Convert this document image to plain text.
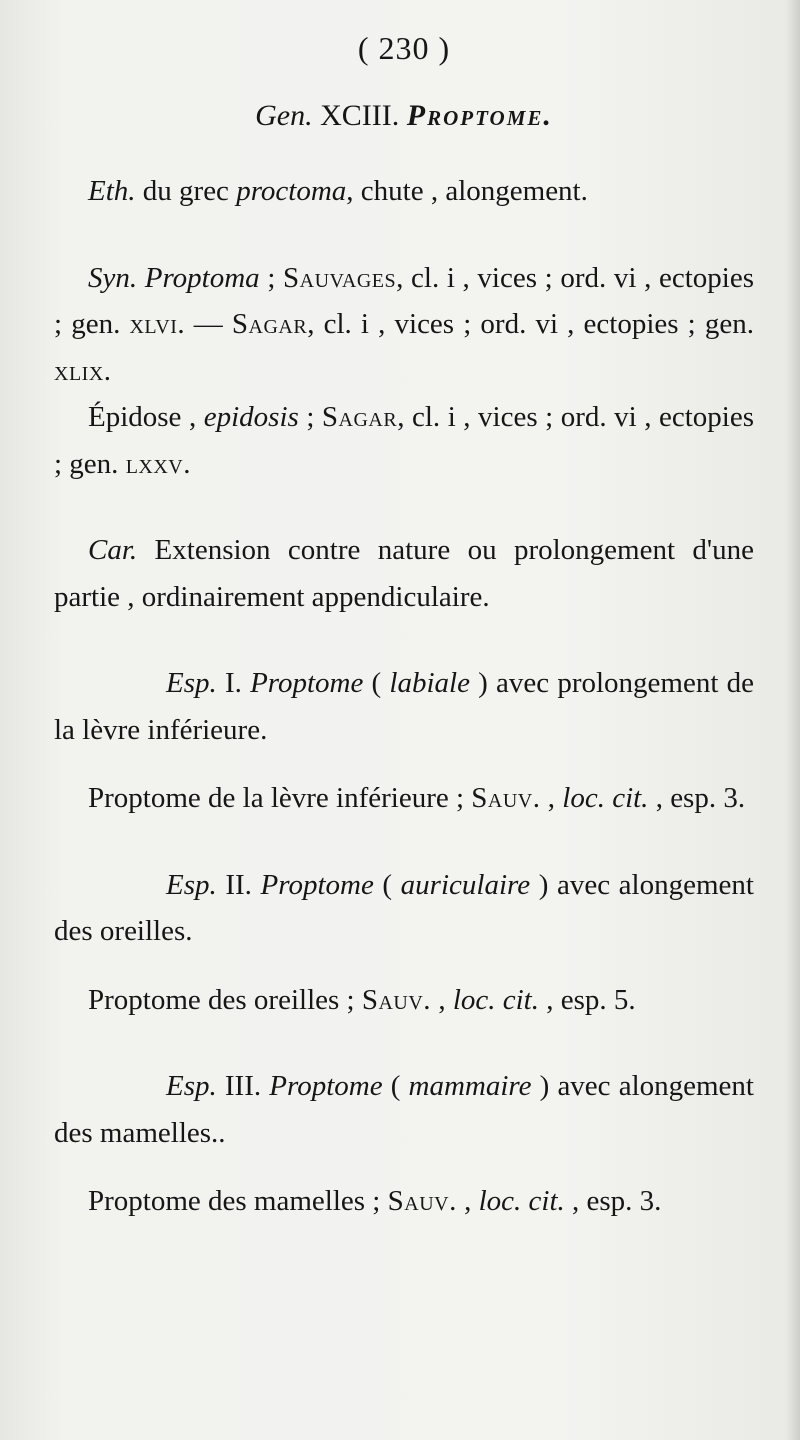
( 230 )
Gen. XCIII. Proptome.

Eth. du grec proctoma, chute , alongement.

Syn. Proptoma ; Sauvages, cl. i , vices ; ord. vi , ectopies ; gen. xlvi. — Sagar, cl. i , vices ; ord. vi , ectopies ; gen. xlix.

Épidose , epidosis ; Sagar, cl. i , vices ; ord. vi , ectopies ; gen. lxxv.

Car. Extension contre nature ou prolongement d'une partie , ordinairement appendiculaire.

Esp. I. Proptome ( labiale ) avec prolongement de la lèvre inférieure.

Proptome de la lèvre inférieure ; Sauv. , loc. cit. , esp. 3.

Esp. II. Proptome ( auriculaire ) avec alongement des oreilles.

Proptome des oreilles ; Sauv. , loc. cit. , esp. 5.

Esp. III. Proptome ( mammaire ) avec alongement des mamelles..

Proptome des mamelles ; Sauv. , loc. cit. , esp. 3.
